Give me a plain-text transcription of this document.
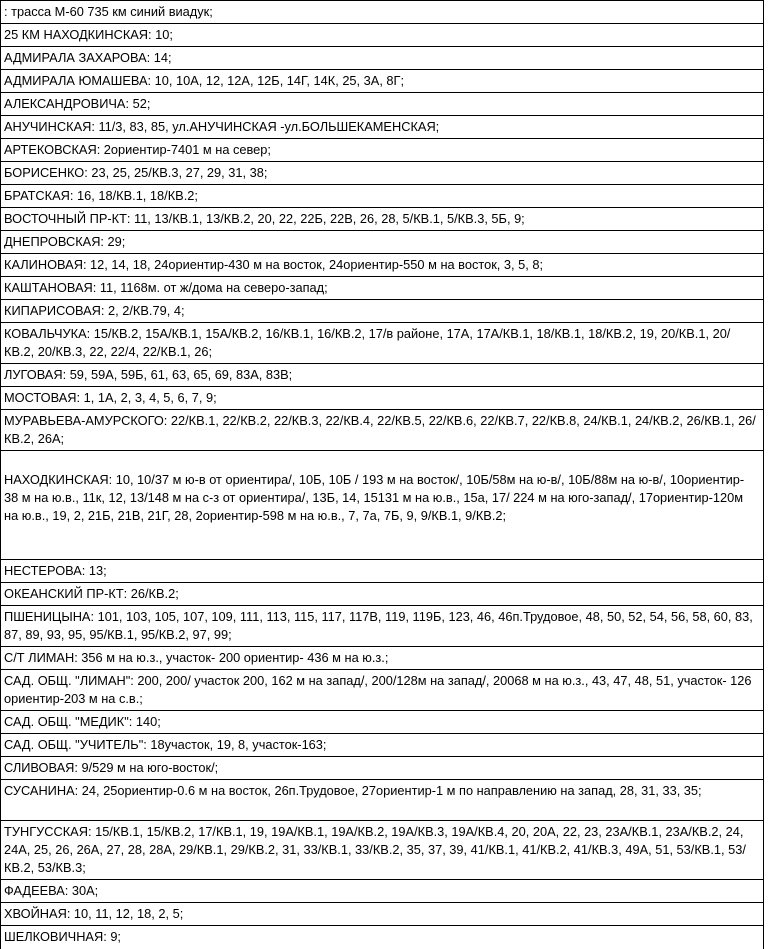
: трасса М-60 735 км синий виадук;
25 КМ НАХОДКИНСКАЯ: 10;
АДМИРАЛА ЗАХАРОВА: 14;
АДМИРАЛА ЮМАШЕВА: 10, 10А, 12, 12А, 12Б, 14Г, 14К, 25, 3А, 8Г;
АЛЕКСАНДРОВИЧА: 52;
АНУЧИНСКАЯ: 11/3, 83, 85, ул.АНУЧИНСКАЯ -ул.БОЛЬШЕКАМЕНСКАЯ;
АРТЕКОВСКАЯ: 2ориентир-7401 м на север;
БОРИСЕНКО: 23, 25, 25/КВ.3, 27, 29, 31, 38;
БРАТСКАЯ: 16, 18/КВ.1, 18/КВ.2;
ВОСТОЧНЫЙ ПР-КТ: 11, 13/КВ.1, 13/КВ.2, 20, 22, 22Б, 22В, 26, 28, 5/КВ.1, 5/КВ.3, 5Б, 9;
ДНЕПРОВСКАЯ: 29;
КАЛИНОВАЯ: 12, 14, 18, 24ориентир-430 м на восток, 24ориентир-550 м на восток, 3, 5, 8;
КАШТАНОВАЯ: 11, 1168м. от ж/дома на северо-запад;
КИПАРИСОВАЯ: 2, 2/КВ.79, 4;
КОВАЛЬЧУКА: 15/КВ.2, 15А/КВ.1, 15А/КВ.2, 16/КВ.1, 16/КВ.2, 17/в районе, 17А, 17А/КВ.1, 18/КВ.1, 18/КВ.2, 19, 20/КВ.1, 20/КВ.2, 20/КВ.3, 22, 22/4, 22/КВ.1, 26;
ЛУГОВАЯ: 59, 59А, 59Б, 61, 63, 65, 69, 83А, 83В;
МОСТОВАЯ: 1, 1А, 2, 3, 4, 5, 6, 7, 9;
МУРАВЬЕВА-АМУРСКОГО: 22/КВ.1, 22/КВ.2, 22/КВ.3, 22/КВ.4, 22/КВ.5, 22/КВ.6, 22/КВ.7, 22/КВ.8, 24/КВ.1, 24/КВ.2, 26/КВ.1, 26/КВ.2, 26А;
НАХОДКИНСКАЯ: 10, 10/37 м ю-в от ориентира/, 10Б, 10Б / 193 м на восток/, 10Б/58м на ю-в/, 10Б/88м на ю-в/, 10ориентир- 38 м на ю.в., 11к, 12, 13/148 м на с-з от ориентира/, 13Б, 14, 15131 м на ю.в., 15а, 17/ 224 м на юго-запад/, 17ориентир-120м на ю.в., 19, 2, 21Б, 21В, 21Г, 28, 2ориентир-598 м на ю.в., 7, 7а, 7Б, 9, 9/КВ.1, 9/КВ.2;
НЕСТЕРОВА: 13;
ОКЕАНСКИЙ ПР-КТ: 26/КВ.2;
ПШЕНИЦЫНА: 101, 103, 105, 107, 109, 111, 113, 115, 117, 117В, 119, 119Б, 123, 46, 46п.Трудовое, 48, 50, 52, 54, 56, 58, 60, 83, 87, 89, 93, 95, 95/КВ.1, 95/КВ.2, 97, 99;
С/Т ЛИМАН: 356 м на ю.з., участок- 200 ориентир- 436 м на ю.з.;
САД. ОБЩ. "ЛИМАН": 200, 200/ участок 200, 162 м на запад/, 200/128м на запад/, 20068 м на ю.з., 43, 47, 48, 51, участок- 126 ориентир-203 м на с.в.;
САД. ОБЩ. "МЕДИК": 140;
САД. ОБЩ. "УЧИТЕЛЬ": 18участок, 19, 8, участок-163;
СЛИВОВАЯ: 9/529 м на юго-восток/;
СУСАНИНА: 24, 25ориентир-0.6 м на восток, 26п.Трудовое, 27ориентир-1 м по направлению на запад, 28, 31, 33, 35;
ТУНГУССКАЯ: 15/КВ.1, 15/КВ.2, 17/КВ.1, 19, 19А/КВ.1, 19А/КВ.2, 19А/КВ.3, 19А/КВ.4, 20, 20А, 22, 23, 23А/КВ.1, 23А/КВ.2, 24, 24А, 25, 26, 26А, 27, 28, 28А, 29/КВ.1, 29/КВ.2, 31, 33/КВ.1, 33/КВ.2, 35, 37, 39, 41/КВ.1, 41/КВ.2, 41/КВ.3, 49А, 51, 53/КВ.1, 53/КВ.2, 53/КВ.3;
ФАДЕЕВА: 30А;
ХВОЙНАЯ: 10, 11, 12, 18, 2, 5;
ШЕЛКОВИЧНАЯ: 9;
